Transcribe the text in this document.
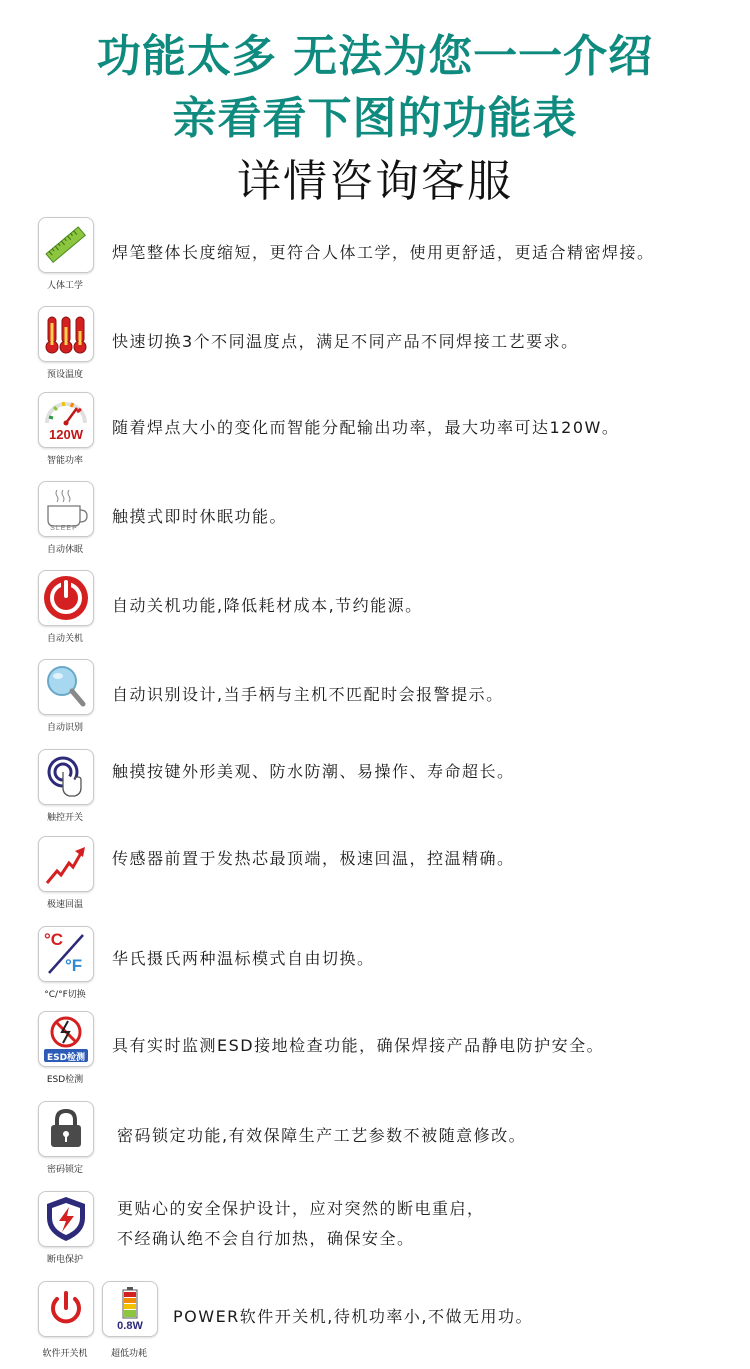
功能太多 无法为您一一介绍
亲看看下图的功能表
详情咨询客服
人体工学
焊笔整体长度缩短，更符合人体工学，使用更舒适，更适合精密焊接。
预设温度
快速切换3个不同温度点，满足不同产品不同焊接工艺要求。
120W
智能功率
随着焊点大小的变化而智能分配输出功率，最大功率可达120W。
SLEEP
自动休眠
触摸式即时休眠功能。
自动关机
自动关机功能,降低耗材成本,节约能源。
自动识别
自动识别设计,当手柄与主机不匹配时会报警提示。
触控开关
触摸按键外形美观、防水防潮、易操作、寿命超长。
极速回温
传感器前置于发热芯最顶端，极速回温，控温精确。
°C
°F
°C/°F切换
华氏摄氏两种温标模式自由切换。
ESD检测
ESD检测
具有实时监测ESD接地检查功能，确保焊接产品静电防护安全。
密码锁定
密码锁定功能,有效保障生产工艺参数不被随意修改。
断电保护
更贴心的安全保护设计，应对突然的断电重启，
不经确认绝不会自行加热，确保安全。
软件开关机
0.8W
超低功耗
POWER软件开关机,待机功率小,不做无用功。
